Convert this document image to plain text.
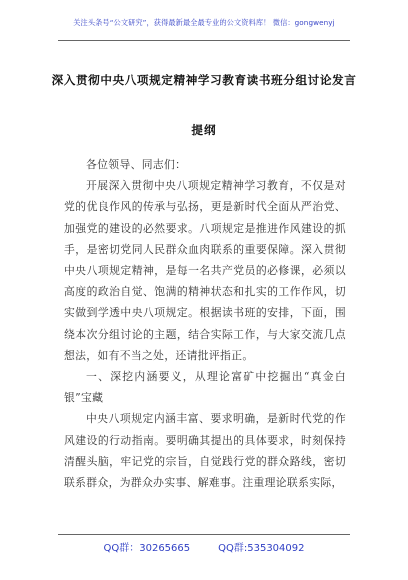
关注头条号“公文研究”，获得最新最全最专业的公文资料库！ 微信：gongwenyj
深入贯彻中央八项规定精神学习教育读书班分组讨论发言
提纲

各位领导、同志们：

开展深入贯彻中央八项规定精神学习教育，不仅是对党的优良作风的传承与弘扬，更是新时代全面从严治党、加强党的建设的必然要求。八项规定是推进作风建设的抓手，是密切党同人民群众血肉联系的重要保障。深入贯彻中央八项规定精神，是每一名共产党员的必修课，必须以高度的政治自觉、饱满的精神状态和扎实的工作作风，切实做到学透中央八项规定。根据读书班的安排，下面，围绕本次分组讨论的主题，结合实际工作，与大家交流几点想法，如有不当之处，还请批评指正。

一、深挖内涵要义，从理论富矿中挖掘出“真金白银”宝藏

中央八项规定内涵丰富、要求明确，是新时代党的作风建设的行动指南。要明确其提出的具体要求，时刻保持清醒头脑，牢记党的宗旨，自觉践行党的群众路线，密切联系群众，为群众办实事、解难事。注重理论联系实际，

QQ群：30265665	QQ群:535304092
